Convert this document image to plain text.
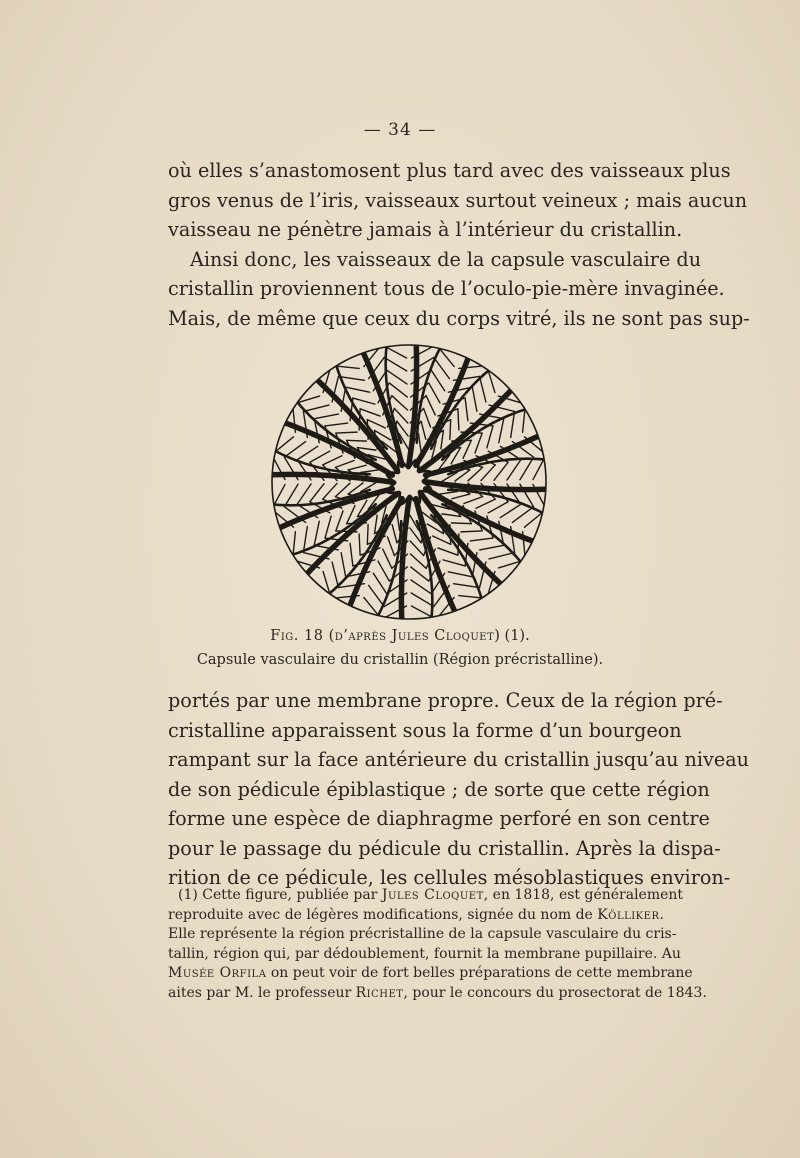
— 34 —
où elles s’anastomosent plus tard avec des vaisseaux plus
gros venus de l’iris, vaisseaux surtout veineux ; mais aucun
vaisseau ne pénètre jamais à l’intérieur du cristallin.
Ainsi donc, les vaisseaux de la capsule vasculaire du
cristallin proviennent tous de l’oculo-pie-mère invaginée.
Mais, de même que ceux du corps vitré, ils ne sont pas sup-

Fig. 18 (d’après Jules Cloquet) (1).

Capsule vasculaire du cristallin (Région précristalline).

portés par une membrane propre. Ceux de la région pré-
cristalline apparaissent sous la forme d’un bourgeon
rampant sur la face antérieure du cristallin jusqu’au niveau
de son pédicule épiblastique ; de sorte que cette région
forme une espèce de diaphragme perforé en son centre
pour le passage du pédicule du cristallin. Après la dispa-
rition de ce pédicule, les cellules mésoblastiques environ-
(1) Cette figure, publiée par Jules Cloquet, en 1818, est généralement
reproduite avec de légères modifications, signée du nom de Kölliker.
Elle représente la région précristalline de la capsule vasculaire du cris-
tallin, région qui, par dédoublement, fournit la membrane pupillaire. Au
Musée Orfila on peut voir de fort belles préparations de cette membrane
aites par M. le professeur Richet, pour le concours du prosectorat de 1843.
